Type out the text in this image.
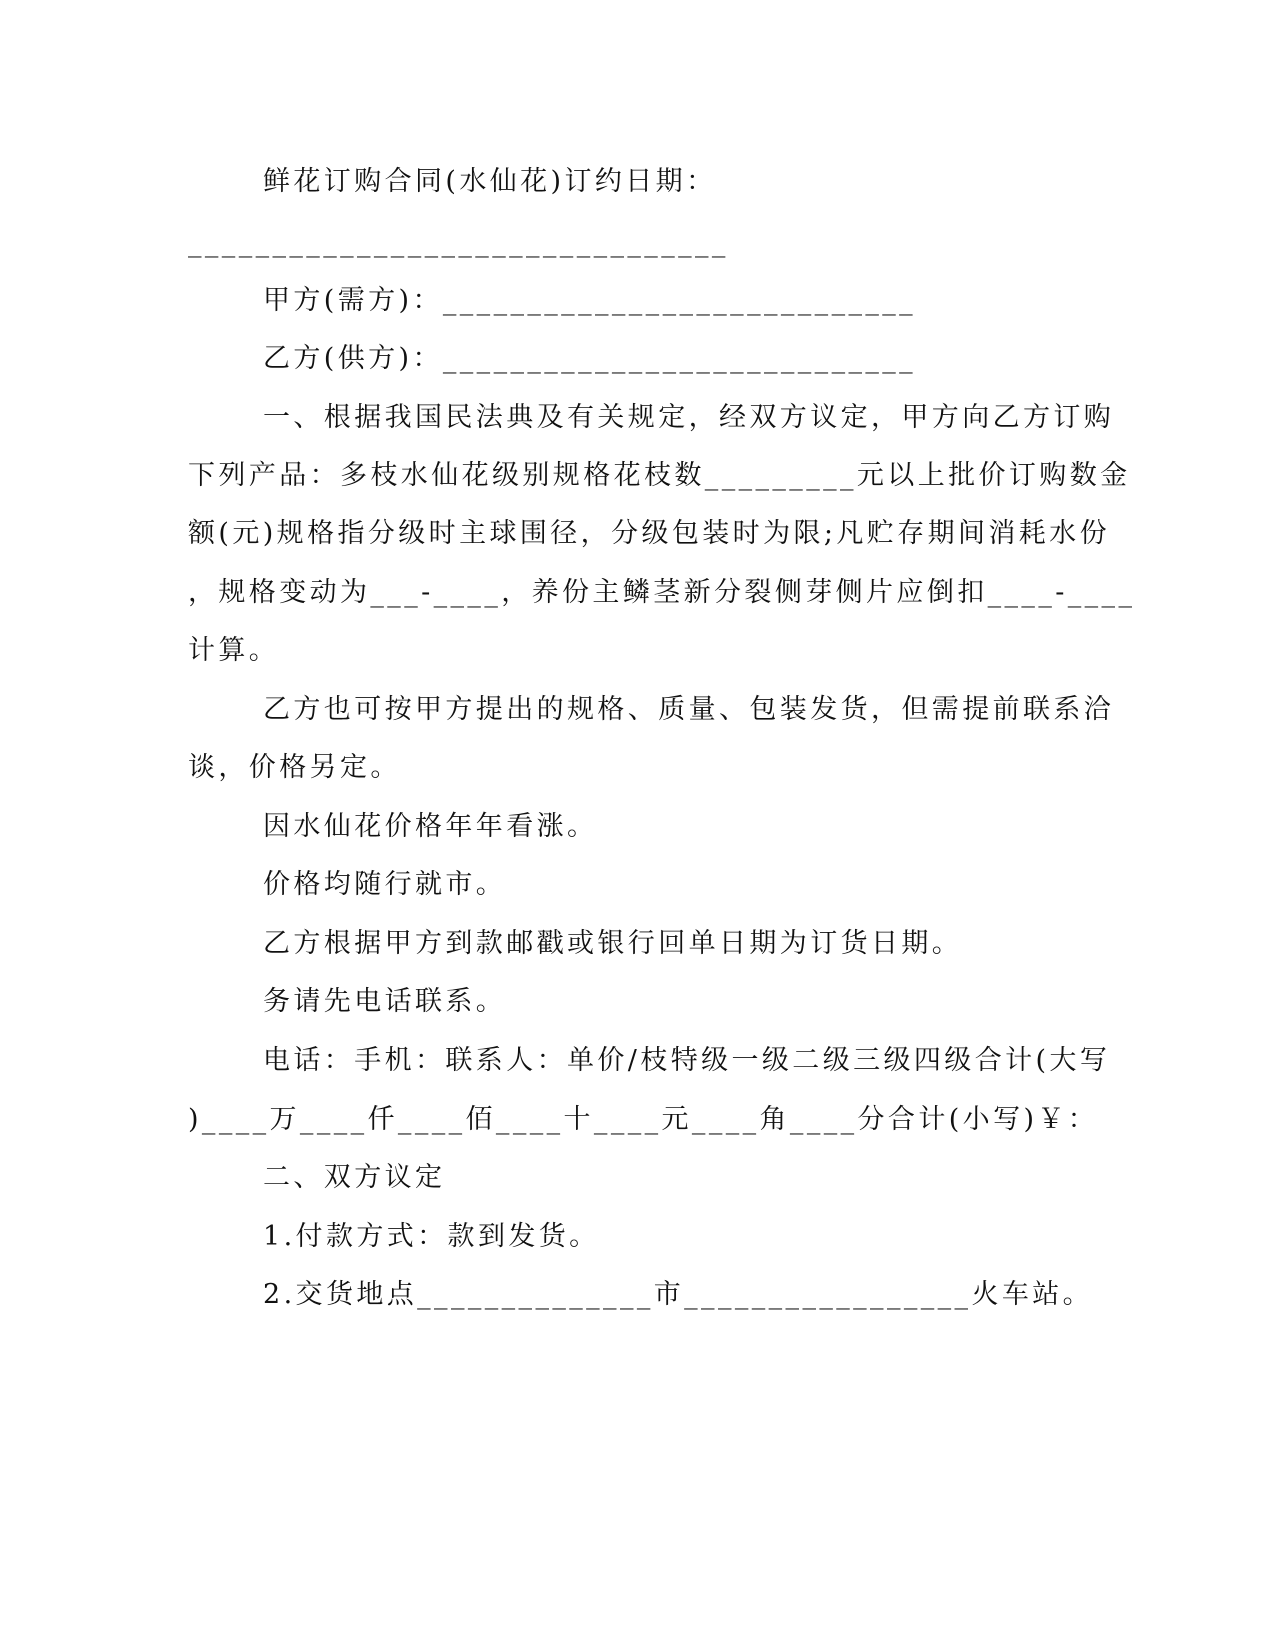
鲜花订购合同(水仙花)订约日期：
________________________________
甲方(需方)：____________________________
乙方(供方)：____________________________
一、根据我国民法典及有关规定，经双方议定，甲方向乙方订购
下列产品：多枝水仙花级别规格花枝数_________元以上批价订购数金
额(元)规格指分级时主球围径，分级包装时为限;凡贮存期间消耗水份
，规格变动为___-____，养份主鳞茎新分裂侧芽侧片应倒扣____-____
计算。
乙方也可按甲方提出的规格、质量、包装发货，但需提前联系洽
谈，价格另定。
因水仙花价格年年看涨。
价格均随行就市。
乙方根据甲方到款邮戳或银行回单日期为订货日期。
务请先电话联系。
电话：手机：联系人：单价/枝特级一级二级三级四级合计(大写
)____万____仟____佰____十____元____角____分合计(小写)￥：
二、双方议定
1.付款方式：款到发货。
2.交货地点______________市_________________火车站。
